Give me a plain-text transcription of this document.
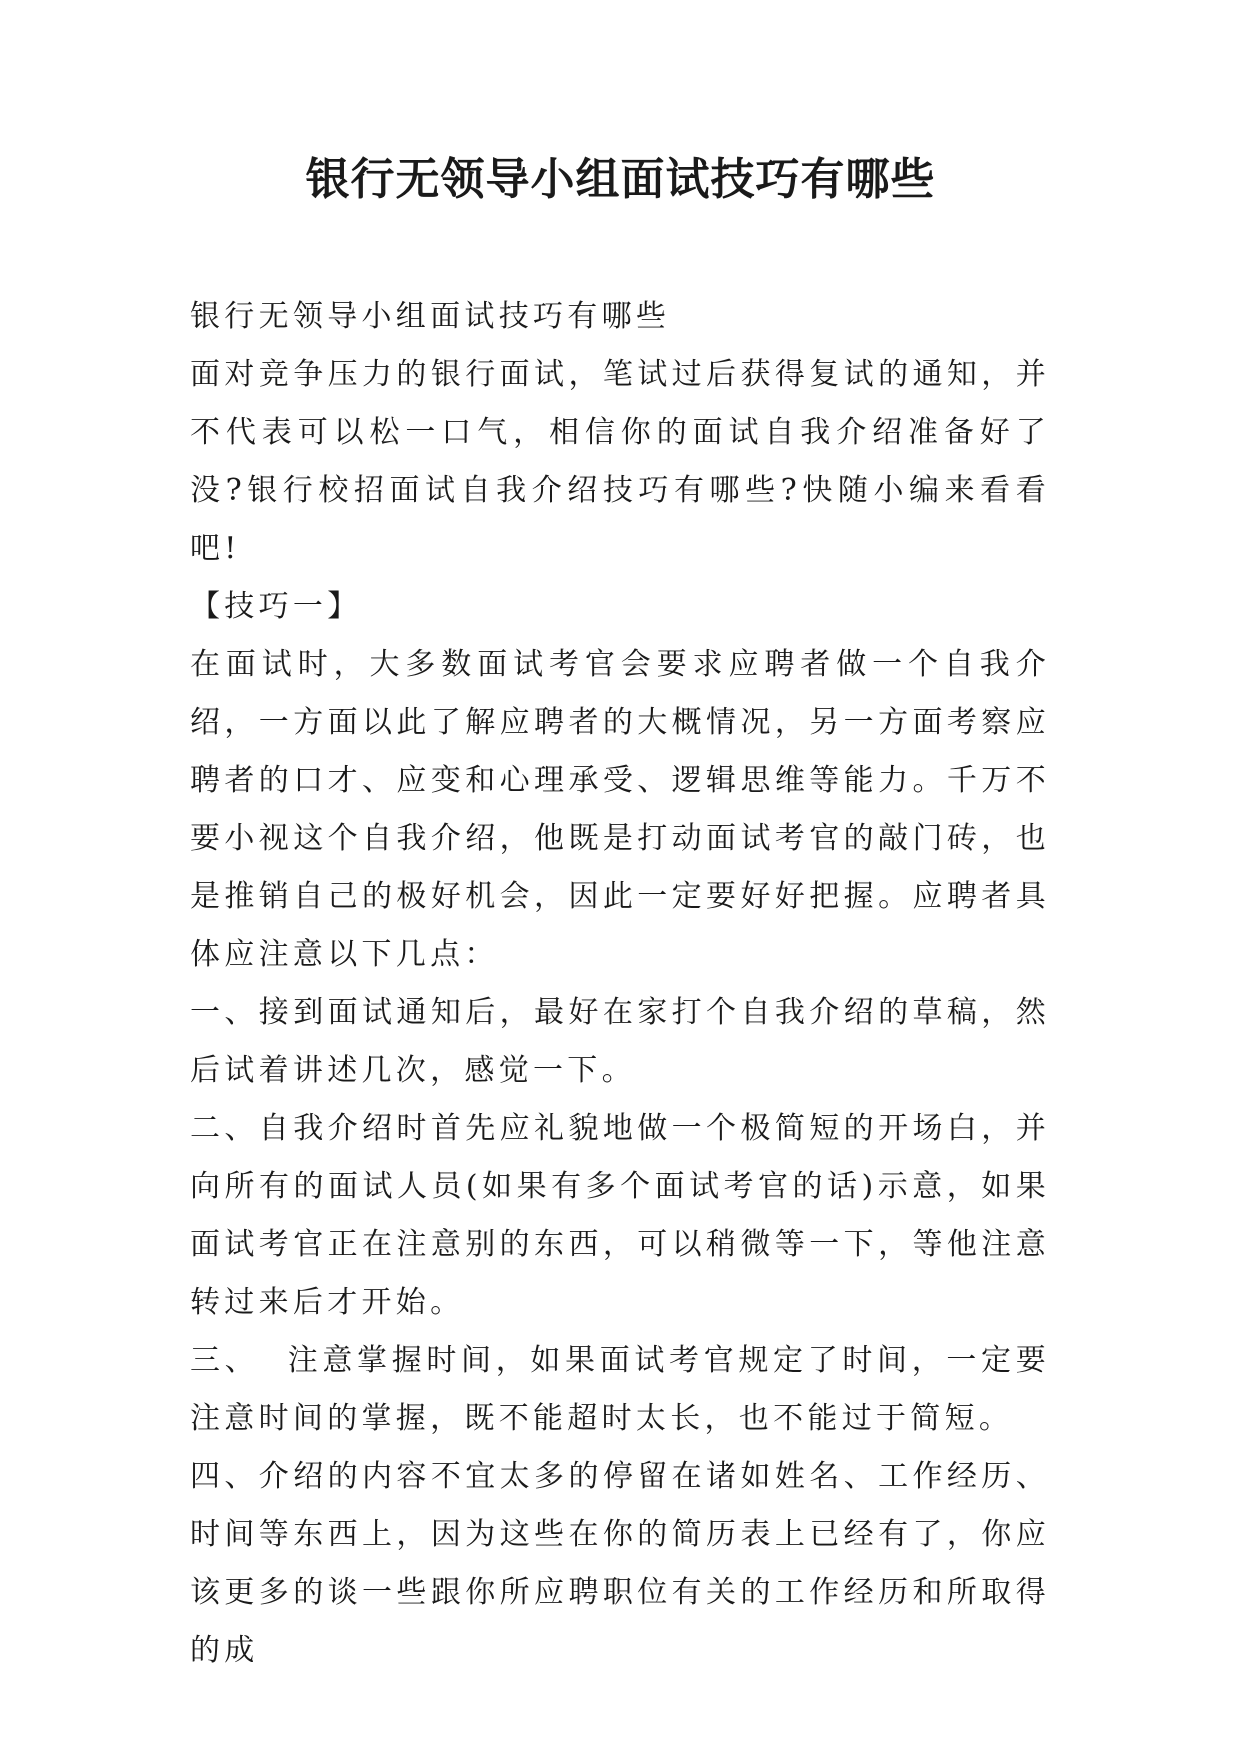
银行无领导小组面试技巧有哪些

银行无领导小组面试技巧有哪些

面对竞争压力的银行面试，笔试过后获得复试的通知，并不代表可以松一口气，相信你的面试自我介绍准备好了没?银行校招面试自我介绍技巧有哪些?快随小编来看看吧!

【技巧一】

在面试时，大多数面试考官会要求应聘者做一个自我介绍，一方面以此了解应聘者的大概情况，另一方面考察应聘者的口才、应变和心理承受、逻辑思维等能力。千万不要小视这个自我介绍，他既是打动面试考官的敲门砖，也是推销自己的极好机会，因此一定要好好把握。应聘者具体应注意以下几点：

一、接到面试通知后，最好在家打个自我介绍的草稿，然后试着讲述几次，感觉一下。

二、自我介绍时首先应礼貌地做一个极简短的开场白，并向所有的面试人员(如果有多个面试考官的话)示意，如果面试考官正在注意别的东西，可以稍微等一下，等他注意转过来后才开始。

三、  注意掌握时间，如果面试考官规定了时间，一定要注意时间的掌握，既不能超时太长，也不能过于简短。

四、介绍的内容不宜太多的停留在诸如姓名、工作经历、时间等东西上，因为这些在你的简历表上已经有了，你应该更多的谈一些跟你所应聘职位有关的工作经历和所取得的成
